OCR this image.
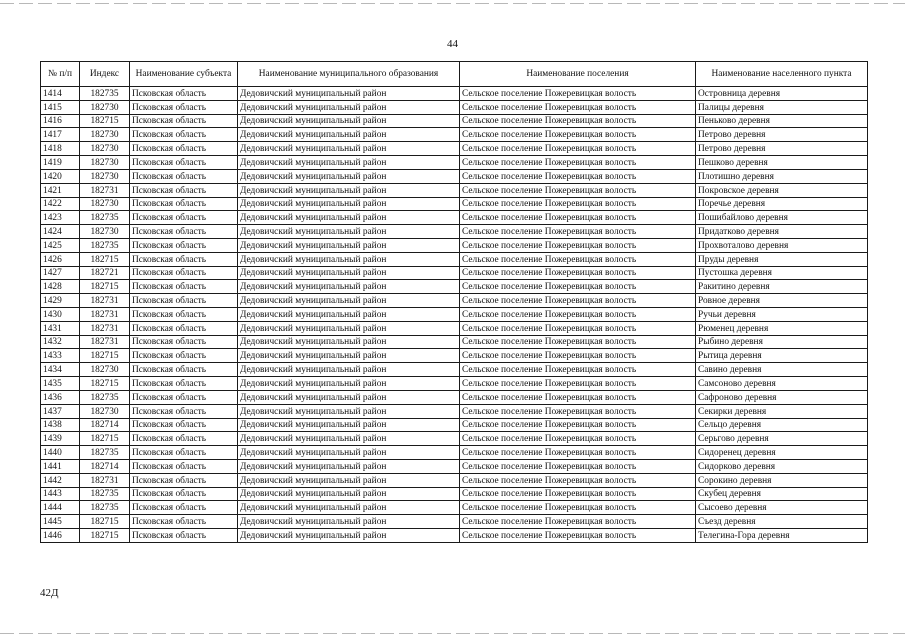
44
№ п/п	Индекс	Наименование субъекта	Наименование муниципального образования	Наименование поселения	Наименование населенного пункта
1414	182735	Псковская область	Дедовичский муниципальный район	Сельское поселение Пожеревицкая волость	Островница деревня
1415	182730	Псковская область	Дедовичский муниципальный район	Сельское поселение Пожеревицкая волость	Палицы деревня
1416	182715	Псковская область	Дедовичский муниципальный район	Сельское поселение Пожеревицкая волость	Пеньково деревня
1417	182730	Псковская область	Дедовичский муниципальный район	Сельское поселение Пожеревицкая волость	Петрово деревня
1418	182730	Псковская область	Дедовичский муниципальный район	Сельское поселение Пожеревицкая волость	Петрово деревня
1419	182730	Псковская область	Дедовичский муниципальный район	Сельское поселение Пожеревицкая волость	Пешково деревня
1420	182730	Псковская область	Дедовичский муниципальный район	Сельское поселение Пожеревицкая волость	Плотишно деревня
1421	182731	Псковская область	Дедовичский муниципальный район	Сельское поселение Пожеревицкая волость	Покровское деревня
1422	182730	Псковская область	Дедовичский муниципальный район	Сельское поселение Пожеревицкая волость	Поречье деревня
1423	182735	Псковская область	Дедовичский муниципальный район	Сельское поселение Пожеревицкая волость	Пошибайлово деревня
1424	182730	Псковская область	Дедовичский муниципальный район	Сельское поселение Пожеревицкая волость	Придатково деревня
1425	182735	Псковская область	Дедовичский муниципальный район	Сельское поселение Пожеревицкая волость	Прохвоталово деревня
1426	182715	Псковская область	Дедовичский муниципальный район	Сельское поселение Пожеревицкая волость	Пруды деревня
1427	182721	Псковская область	Дедовичский муниципальный район	Сельское поселение Пожеревицкая волость	Пустошка деревня
1428	182715	Псковская область	Дедовичский муниципальный район	Сельское поселение Пожеревицкая волость	Ракитино деревня
1429	182731	Псковская область	Дедовичский муниципальный район	Сельское поселение Пожеревицкая волость	Ровное деревня
1430	182731	Псковская область	Дедовичский муниципальный район	Сельское поселение Пожеревицкая волость	Ручьи деревня
1431	182731	Псковская область	Дедовичский муниципальный район	Сельское поселение Пожеревицкая волость	Рюменец деревня
1432	182731	Псковская область	Дедовичский муниципальный район	Сельское поселение Пожеревицкая волость	Рыбино деревня
1433	182715	Псковская область	Дедовичский муниципальный район	Сельское поселение Пожеревицкая волость	Рытица деревня
1434	182730	Псковская область	Дедовичский муниципальный район	Сельское поселение Пожеревицкая волость	Савино деревня
1435	182715	Псковская область	Дедовичский муниципальный район	Сельское поселение Пожеревицкая волость	Самсоново деревня
1436	182735	Псковская область	Дедовичский муниципальный район	Сельское поселение Пожеревицкая волость	Сафроново деревня
1437	182730	Псковская область	Дедовичский муниципальный район	Сельское поселение Пожеревицкая волость	Секирки деревня
1438	182714	Псковская область	Дедовичский муниципальный район	Сельское поселение Пожеревицкая волость	Сельцо деревня
1439	182715	Псковская область	Дедовичский муниципальный район	Сельское поселение Пожеревицкая волость	Серьгово деревня
1440	182735	Псковская область	Дедовичский муниципальный район	Сельское поселение Пожеревицкая волость	Сидоренец деревня
1441	182714	Псковская область	Дедовичский муниципальный район	Сельское поселение Пожеревицкая волость	Сидорково деревня
1442	182731	Псковская область	Дедовичский муниципальный район	Сельское поселение Пожеревицкая волость	Сорокино деревня
1443	182735	Псковская область	Дедовичский муниципальный район	Сельское поселение Пожеревицкая волость	Скубец деревня
1444	182735	Псковская область	Дедовичский муниципальный район	Сельское поселение Пожеревицкая волость	Сысоево деревня
1445	182715	Псковская область	Дедовичский муниципальный район	Сельское поселение Пожеревицкая волость	Съезд деревня
1446	182715	Псковская область	Дедовичский муниципальный район	Сельское поселение Пожеревицкая волость	Телегина-Гора деревня
42Д
